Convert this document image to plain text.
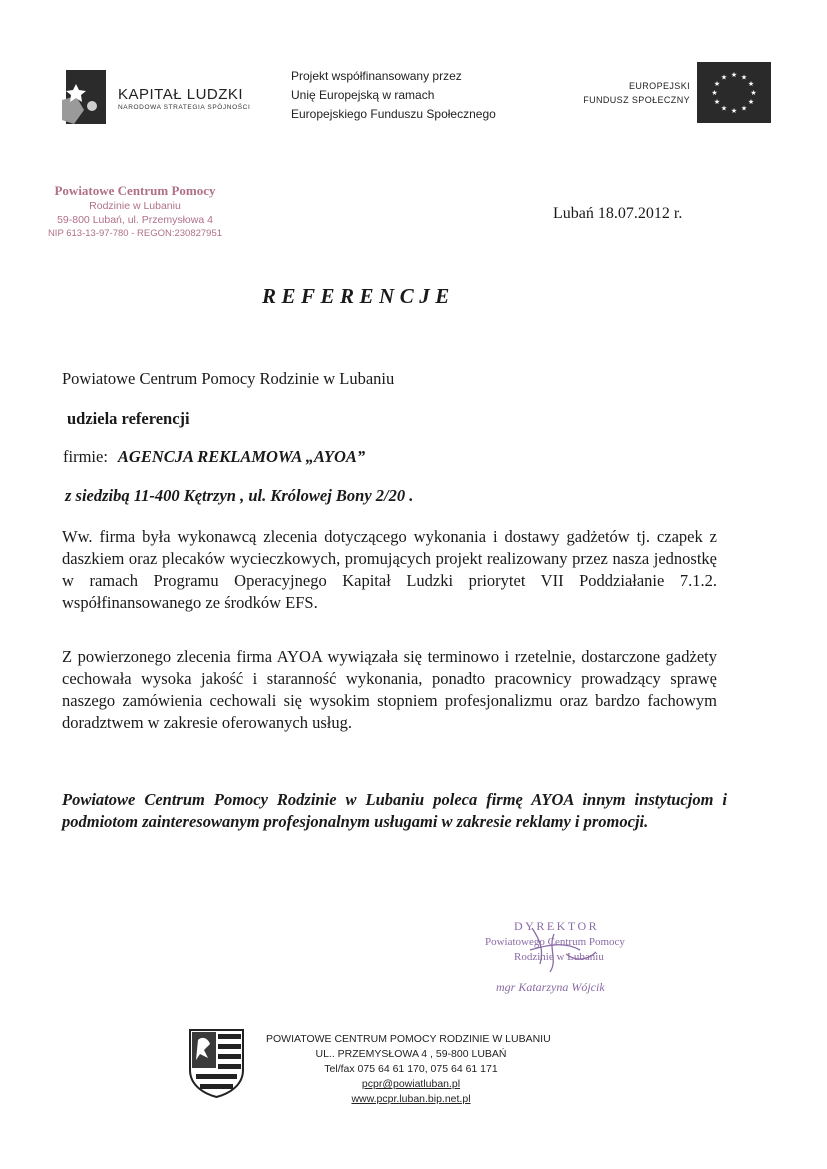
KAPITAŁ LUDZKI
NARODOWA STRATEGIA SPÓJNOŚCI
Projekt współfinansowany przez
Unię Europejską w ramach
Europejskiego Funduszu Społecznego
EUROPEJSKI
FUNDUSZ SPOŁECZNY
★ ★
★
★
★
★
★
★
★
★
★
★
Powiatowe Centrum Pomocy
Rodzinie w Lubaniu
59-800 Lubań, ul. Przemysłowa 4
NIP 613-13-97-780 - REGON:230827951
Lubań 18.07.2012 r.
REFERENCJE
Powiatowe Centrum Pomocy Rodzinie w Lubaniu
udziela referencji
firmie: AGENCJA REKLAMOWA „AYOA”
z siedzibą 11-400 Kętrzyn , ul. Królowej Bony 2/20 .
Ww. firma była wykonawcą zlecenia dotyczącego wykonania i dostawy gadżetów tj. czapek z daszkiem oraz plecaków wycieczkowych, promujących projekt realizowany przez nasza jednostkę w ramach Programu Operacyjnego Kapitał Ludzki priorytet VII Poddziałanie 7.1.2. współfinansowanego ze środków EFS.
Z powierzonego zlecenia firma AYOA wywiązała się terminowo i rzetelnie, dostarczone gadżety cechowała wysoka jakość i staranność wykonania, ponadto pracownicy prowadzący sprawę naszego zamówienia cechowali się wysokim stopniem profesjonalizmu oraz bardzo fachowym doradztwem w zakresie oferowanych usług.
Powiatowe Centrum Pomocy Rodzinie w Lubaniu poleca firmę AYOA innym instytucjom i podmiotom zainteresowanym profesjonalnym usługami w zakresie reklamy i promocji.
DYREKTOR
Powiatowego Centrum Pomocy
Rodzinie w Lubaniu
mgr Katarzyna Wójcik
POWIATOWE CENTRUM POMOCY RODZINIE W LUBANIU
UL.. PRZEMYSŁOWA 4 , 59-800 LUBAŃ
Tel/fax 075 64 61 170, 075 64 61 171
pcpr@powiatluban.pl
www.pcpr.luban.bip.net.pl
